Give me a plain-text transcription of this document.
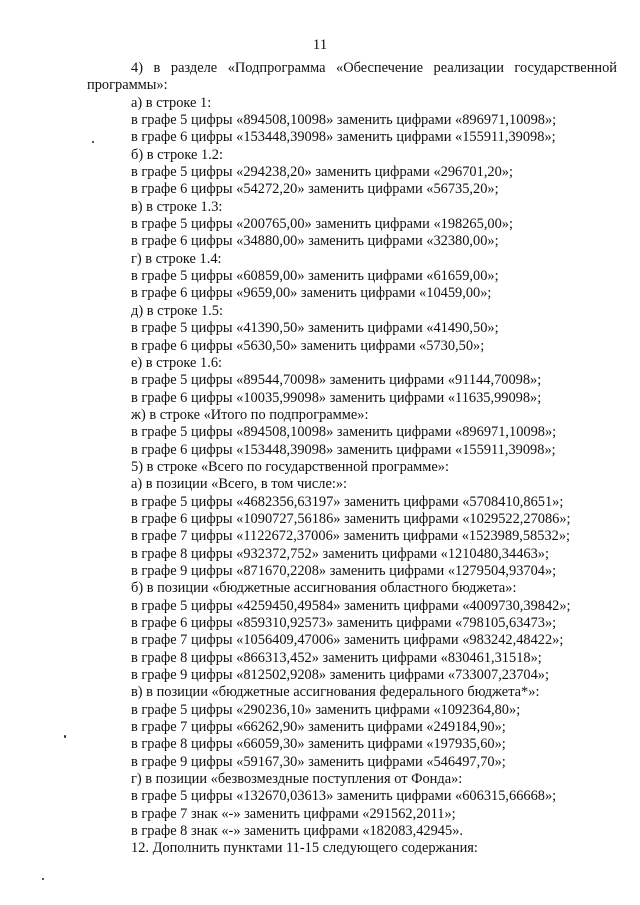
11
4) в разделе «Подпрограмма «Обеспечение реализации государственной
программы»:
а) в строке 1:
в графе 5 цифры «894508,10098» заменить цифрами «896971,10098»;
в графе 6 цифры «153448,39098» заменить цифрами «155911,39098»;
б) в строке 1.2:
в графе 5 цифры «294238,20» заменить цифрами «296701,20»;
в графе 6 цифры «54272,20» заменить цифрами «56735,20»;
в) в строке 1.3:
в графе 5 цифры «200765,00» заменить цифрами «198265,00»;
в графе 6 цифры «34880,00» заменить цифрами «32380,00»;
г) в строке 1.4:
в графе 5 цифры «60859,00» заменить цифрами «61659,00»;
в графе 6 цифры «9659,00» заменить цифрами «10459,00»;
д) в строке 1.5:
в графе 5 цифры «41390,50» заменить цифрами «41490,50»;
в графе 6 цифры «5630,50» заменить цифрами «5730,50»;
е) в строке 1.6:
в графе 5 цифры «89544,70098» заменить цифрами «91144,70098»;
в графе 6 цифры «10035,99098» заменить цифрами «11635,99098»;
ж) в строке «Итого по подпрограмме»:
в графе 5 цифры «894508,10098» заменить цифрами «896971,10098»;
в графе 6 цифры «153448,39098» заменить цифрами «155911,39098»;
5) в строке «Всего по государственной программе»:
а) в позиции «Всего, в том числе:»:
в графе 5 цифры «4682356,63197» заменить цифрами «5708410,8651»;
в графе 6 цифры «1090727,56186» заменить цифрами «1029522,27086»;
в графе 7 цифры «1122672,37006» заменить цифрами «1523989,58532»;
в графе 8 цифры «932372,752» заменить цифрами «1210480,34463»;
в графе 9 цифры «871670,2208» заменить цифрами «1279504,93704»;
б) в позиции «бюджетные ассигнования областного бюджета»:
в графе 5 цифры «4259450,49584» заменить цифрами «4009730,39842»;
в графе 6 цифры «859310,92573» заменить цифрами «798105,63473»;
в графе 7 цифры «1056409,47006» заменить цифрами «983242,48422»;
в графе 8 цифры «866313,452» заменить цифрами «830461,31518»;
в графе 9 цифры «812502,9208» заменить цифрами «733007,23704»;
в) в позиции «бюджетные ассигнования федерального бюджета*»:
в графе 5 цифры «290236,10» заменить цифрами «1092364,80»;
в графе 7 цифры «66262,90» заменить цифрами «249184,90»;
в графе 8 цифры «66059,30» заменить цифрами «197935,60»;
в графе 9 цифры «59167,30» заменить цифрами «546497,70»;
г) в позиции «безвозмездные поступления от Фонда»:
в графе 5 цифры «132670,03613» заменить цифрами «606315,66668»;
в графе 7 знак «-» заменить цифрами «291562,2011»;
в графе 8 знак «-» заменить цифрами «182083,42945».
12. Дополнить пунктами 11-15 следующего содержания:
